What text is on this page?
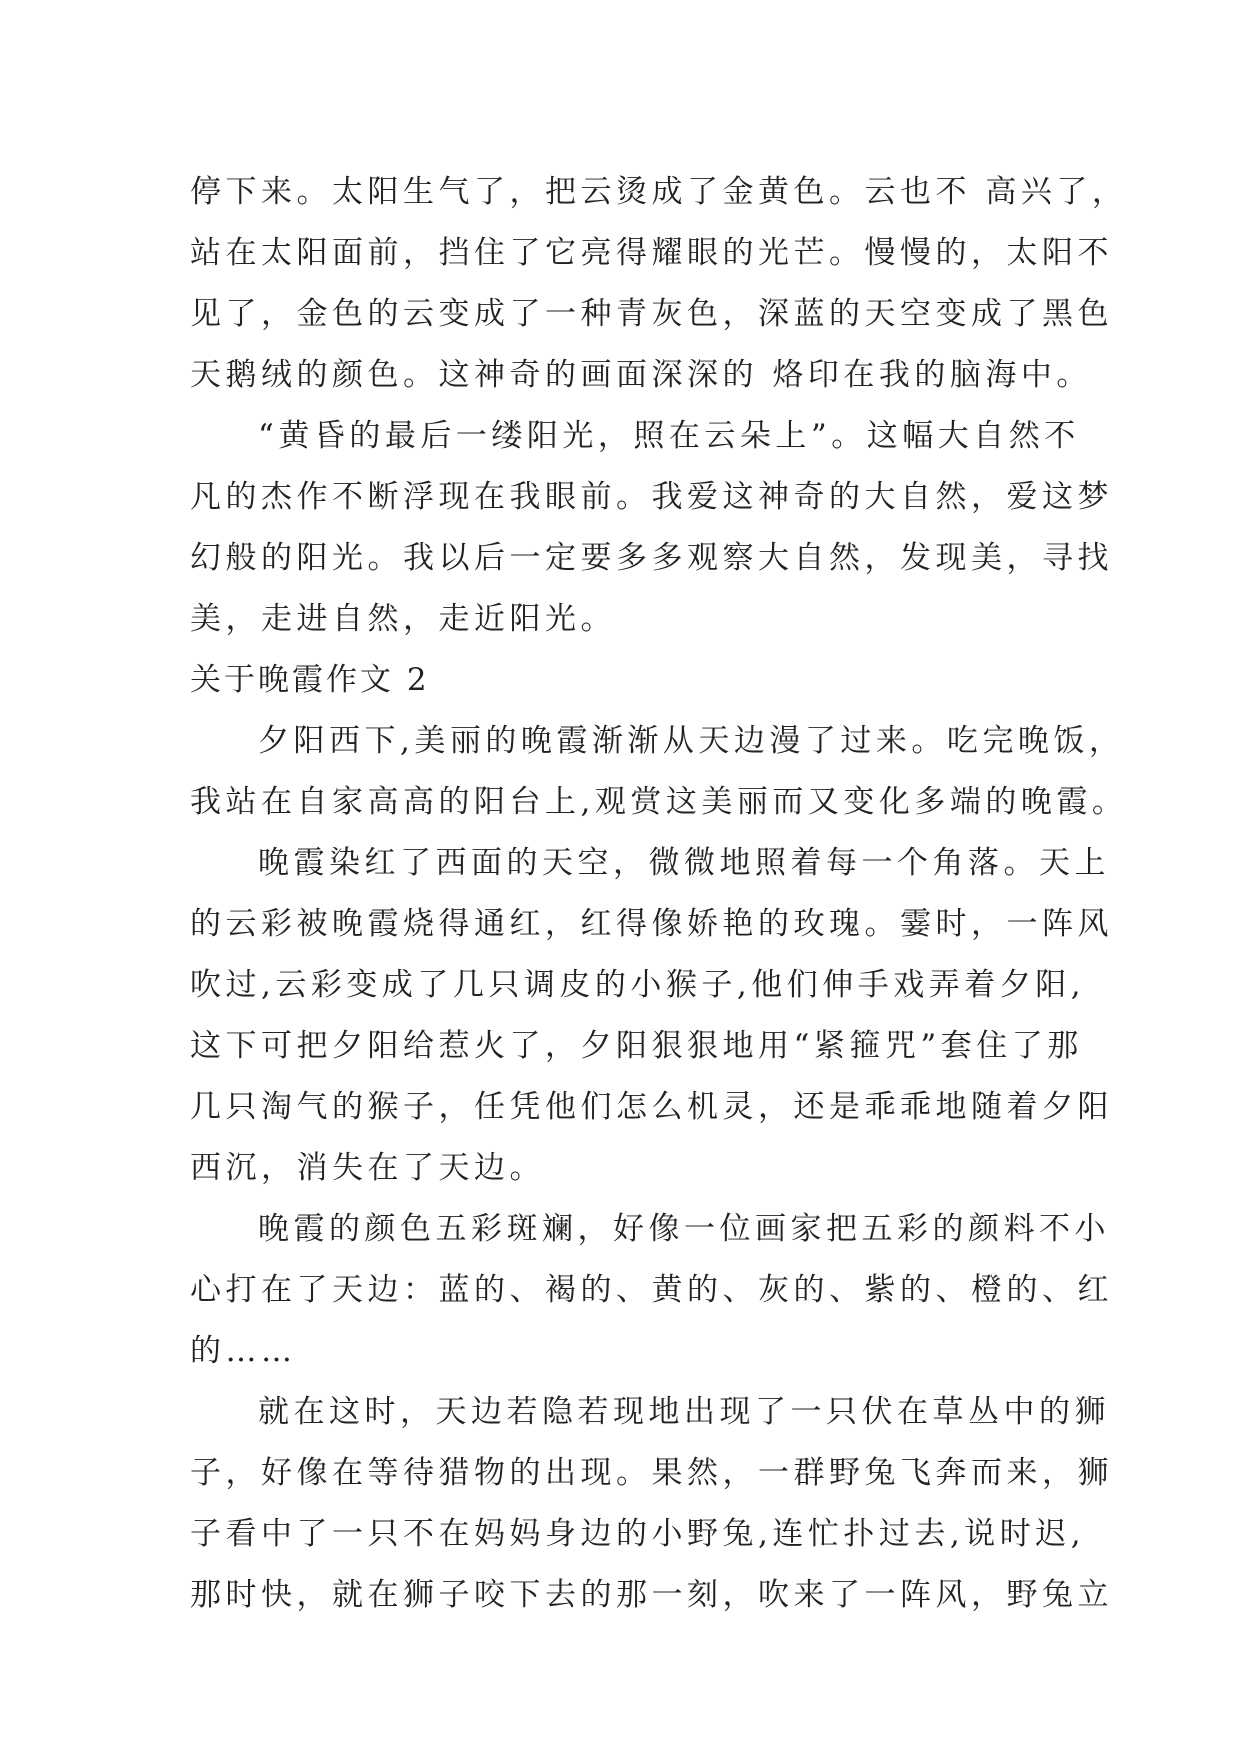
停下来。太阳生气了，把云烫成了金黄色。云也不 高兴了，
站在太阳面前，挡住了它亮得耀眼的光芒。慢慢的，太阳不
见了，金色的云变成了一种青灰色，深蓝的天空变成了黑色
天鹅绒的颜色。这神奇的画面深深的 烙印在我的脑海中。
“黄昏的最后一缕阳光，照在云朵上”。这幅大自然不
凡的杰作不断浮现在我眼前。我爱这神奇的大自然，爱这梦
幻般的阳光。我以后一定要多多观察大自然，发现美，寻找
美，走进自然，走近阳光。
关于晚霞作文 2
夕阳西下,美丽的晚霞渐渐从天边漫了过来。吃完晚饭，
我站在自家高高的阳台上,观赏这美丽而又变化多端的晚霞。
晚霞染红了西面的天空，微微地照着每一个角落。天上
的云彩被晚霞烧得通红，红得像娇艳的玫瑰。霎时，一阵风
吹过,云彩变成了几只调皮的小猴子,他们伸手戏弄着夕阳,
这下可把夕阳给惹火了，夕阳狠狠地用“紧箍咒”套住了那
几只淘气的猴子，任凭他们怎么机灵，还是乖乖地随着夕阳
西沉，消失在了天边。
晚霞的颜色五彩斑斓，好像一位画家把五彩的颜料不小
心打在了天边：蓝的、褐的、黄的、灰的、紫的、橙的、红
的……
就在这时，天边若隐若现地出现了一只伏在草丛中的狮
子，好像在等待猎物的出现。果然，一群野兔飞奔而来，狮
子看中了一只不在妈妈身边的小野兔,连忙扑过去,说时迟,
那时快，就在狮子咬下去的那一刻，吹来了一阵风，野兔立
